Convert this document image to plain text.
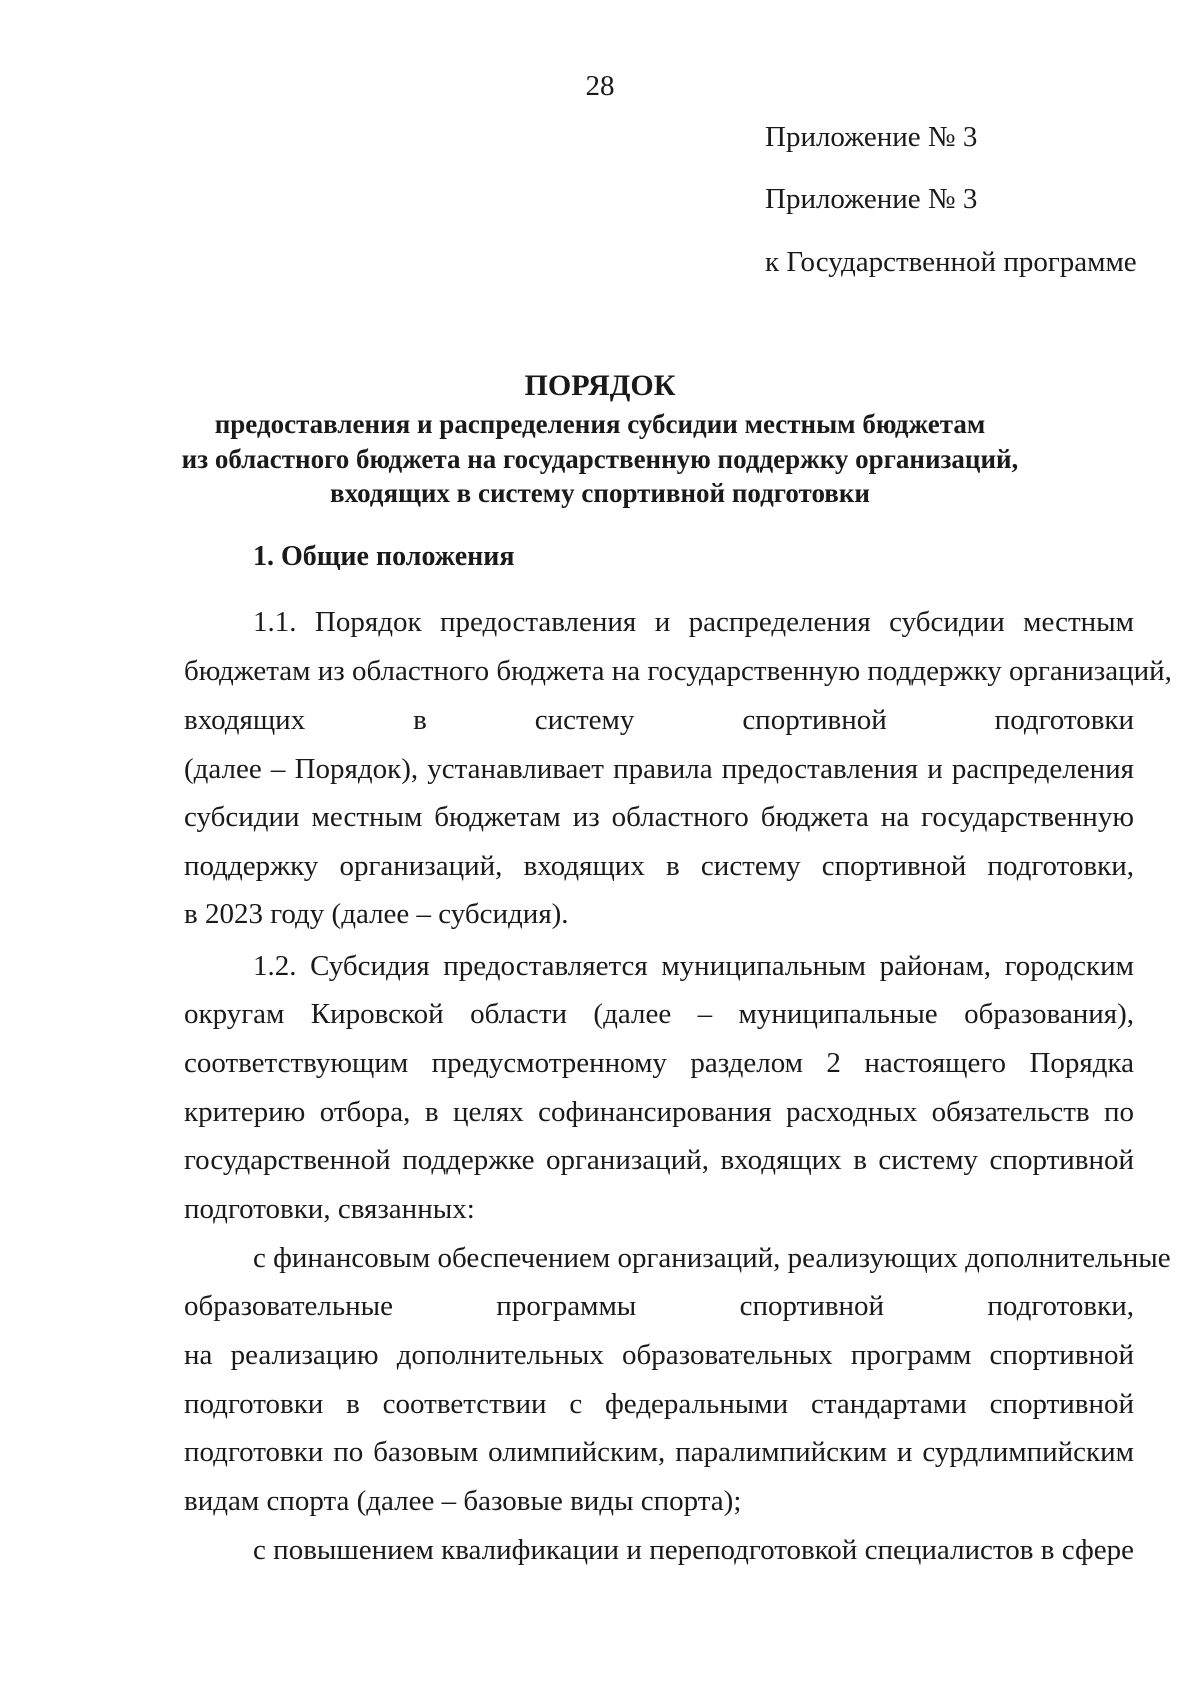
28
Приложение № 3
Приложение № 3
к Государственной программе
ПОРЯДОК
предоставления и распределения субсидии местным бюджетам
из областного бюджета на государственную поддержку организаций,
входящих в систему спортивной подготовки
1. Общие положения
1.1. Порядок предоставления и распределения субсидии местным
бюджетам из областного бюджета на государственную поддержку организаций,
входящих в систему спортивной подготовки
(далее – Порядок), устанавливает правила предоставления и распределения
субсидии местным бюджетам из областного бюджета на государственную
поддержку организаций, входящих в систему спортивной подготовки,
в 2023 году (далее – субсидия).
1.2. Субсидия предоставляется муниципальным районам, городским
округам Кировской области (далее – муниципальные образования),
соответствующим предусмотренному разделом 2 настоящего Порядка
критерию отбора, в целях софинансирования расходных обязательств по
государственной поддержке организаций, входящих в систему спортивной
подготовки, связанных:
с финансовым обеспечением организаций, реализующих дополнительные
образовательные программы спортивной подготовки,
на реализацию дополнительных образовательных программ спортивной
подготовки в соответствии с федеральными стандартами спортивной
подготовки по базовым олимпийским, паралимпийским и сурдлимпийским
видам спорта (далее – базовые виды спорта);
с повышением квалификации и переподготовкой специалистов в сфере
